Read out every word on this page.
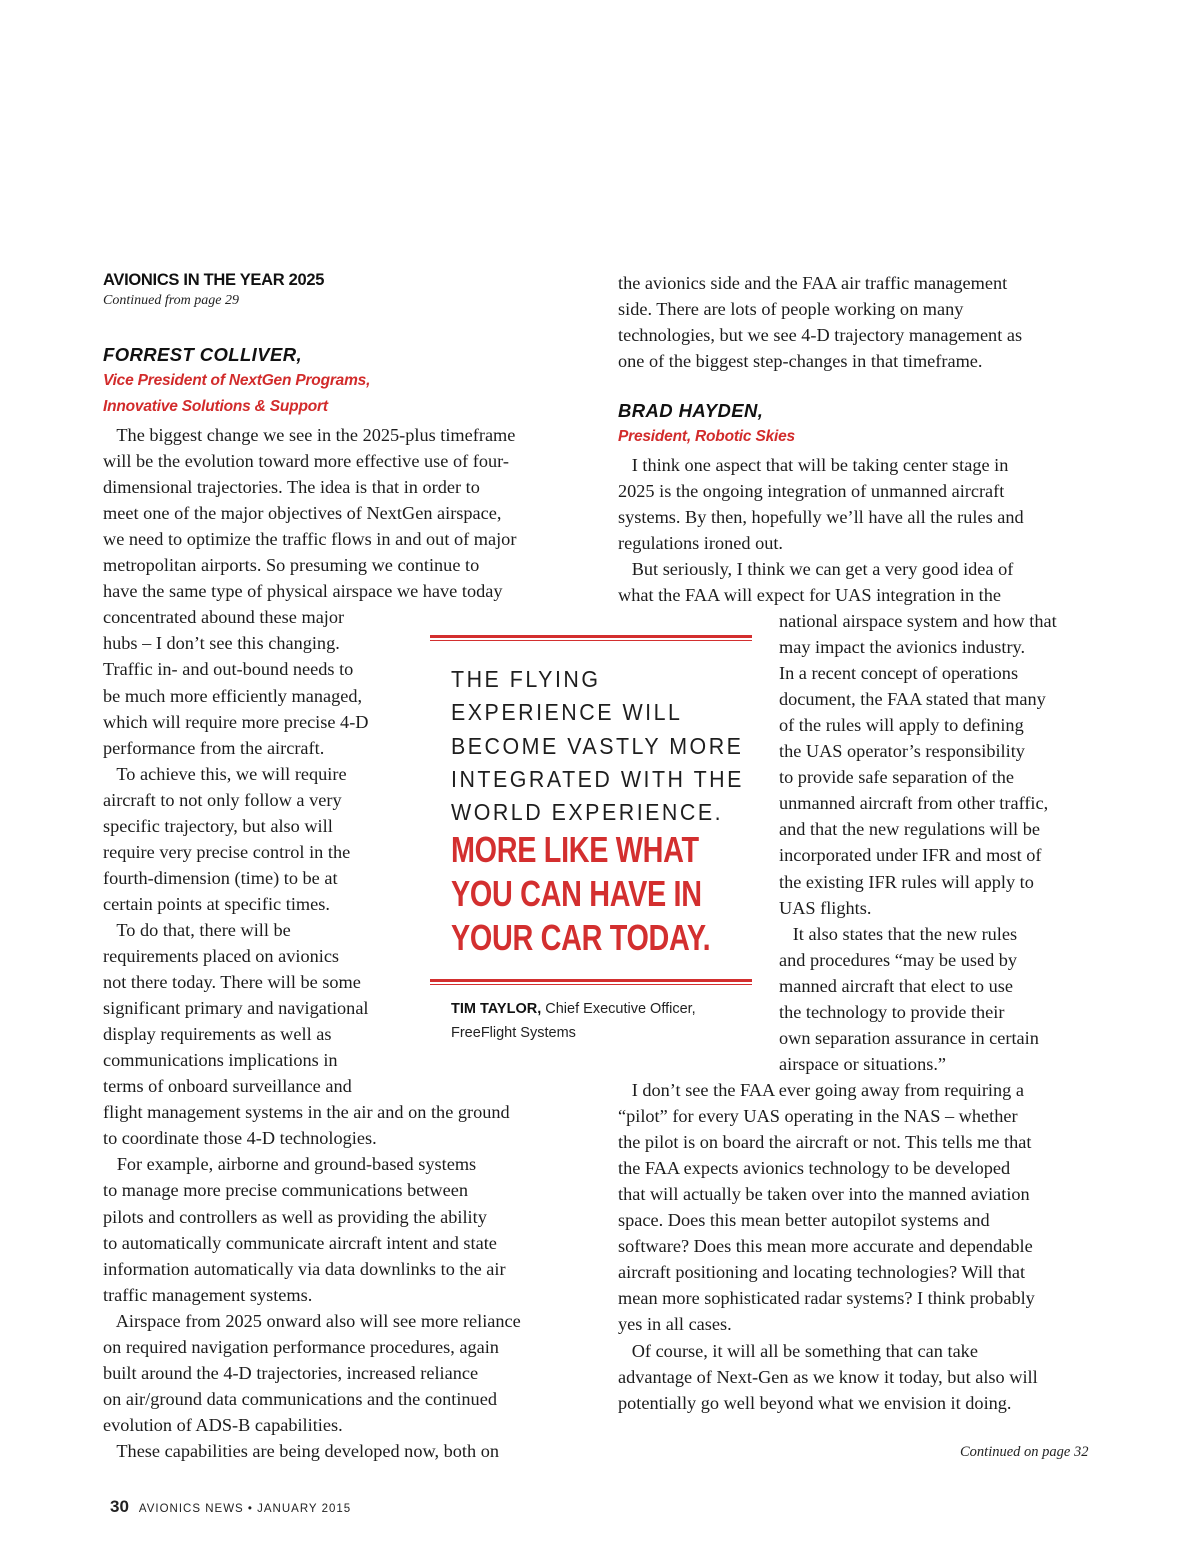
AVIONICS IN THE YEAR 2025
Continued from page 29
FORREST COLLIVER,
Vice President of NextGen Programs,
Innovative Solutions & Support
The biggest change we see in the 2025-plus timeframe
will be the evolution toward more effective use of four-
dimensional trajectories. The idea is that in order to
meet one of the major objectives of NextGen airspace,
we need to optimize the traffic flows in and out of major
metropolitan airports. So presuming we continue to
have the same type of physical airspace we have today
concentrated abound these major
hubs – I don’t see this changing.
Traffic in- and out-bound needs to
be much more efficiently managed,
which will require more precise 4-D
performance from the aircraft.
To achieve this, we will require
aircraft to not only follow a very
specific trajectory, but also will
require very precise control in the
fourth-dimension (time) to be at
certain points at specific times.
To do that, there will be
requirements placed on avionics
not there today. There will be some
significant primary and navigational
display requirements as well as
communications implications in
terms of onboard surveillance and
flight management systems in the air and on the ground
to coordinate those 4-D technologies.
For example, airborne and ground-based systems
to manage more precise communications between
pilots and controllers as well as providing the ability
to automatically communicate aircraft intent and state
information automatically via data downlinks to the air
traffic management systems.
Airspace from 2025 onward also will see more reliance
on required navigation performance procedures, again
built around the 4-D trajectories, increased reliance
on air/ground data communications and the continued
evolution of ADS-B capabilities.
These capabilities are being developed now, both on
the avionics side and the FAA air traffic management
side. There are lots of people working on many
technologies, but we see 4-D trajectory management as
one of the biggest step-changes in that timeframe.
BRAD HAYDEN,
President, Robotic Skies
I think one aspect that will be taking center stage in
2025 is the ongoing integration of unmanned aircraft
systems. By then, hopefully we’ll have all the rules and
regulations ironed out.
But seriously, I think we can get a very good idea of
what the FAA will expect for UAS integration in the
national airspace system and how that
may impact the avionics industry.
In a recent concept of operations
document, the FAA stated that many
of the rules will apply to defining
the UAS operator’s responsibility
to provide safe separation of the
unmanned aircraft from other traffic,
and that the new regulations will be
incorporated under IFR and most of
the existing IFR rules will apply to
UAS flights.
It also states that the new rules
and procedures “may be used by
manned aircraft that elect to use
the technology to provide their
own separation assurance in certain
airspace or situations.”
I don’t see the FAA ever going away from requiring a
“pilot” for every UAS operating in the NAS – whether
the pilot is on board the aircraft or not. This tells me that
the FAA expects avionics technology to be developed
that will actually be taken over into the manned aviation
space. Does this mean better autopilot systems and
software? Does this mean more accurate and dependable
aircraft positioning and locating technologies? Will that
mean more sophisticated radar systems? I think probably
yes in all cases.
Of course, it will all be something that can take
advantage of Next-Gen as we know it today, but also will
potentially go well beyond what we envision it doing.
THE FLYING
EXPERIENCE WILL
BECOME VASTLY MORE
INTEGRATED WITH THE
WORLD EXPERIENCE.
MORE LIKE WHAT
YOU CAN HAVE IN
YOUR CAR TODAY.
TIM TAYLOR, Chief Executive Officer,
FreeFlight Systems
Continued on page 32
30 AVIONICS NEWS • JANUARY 2015
